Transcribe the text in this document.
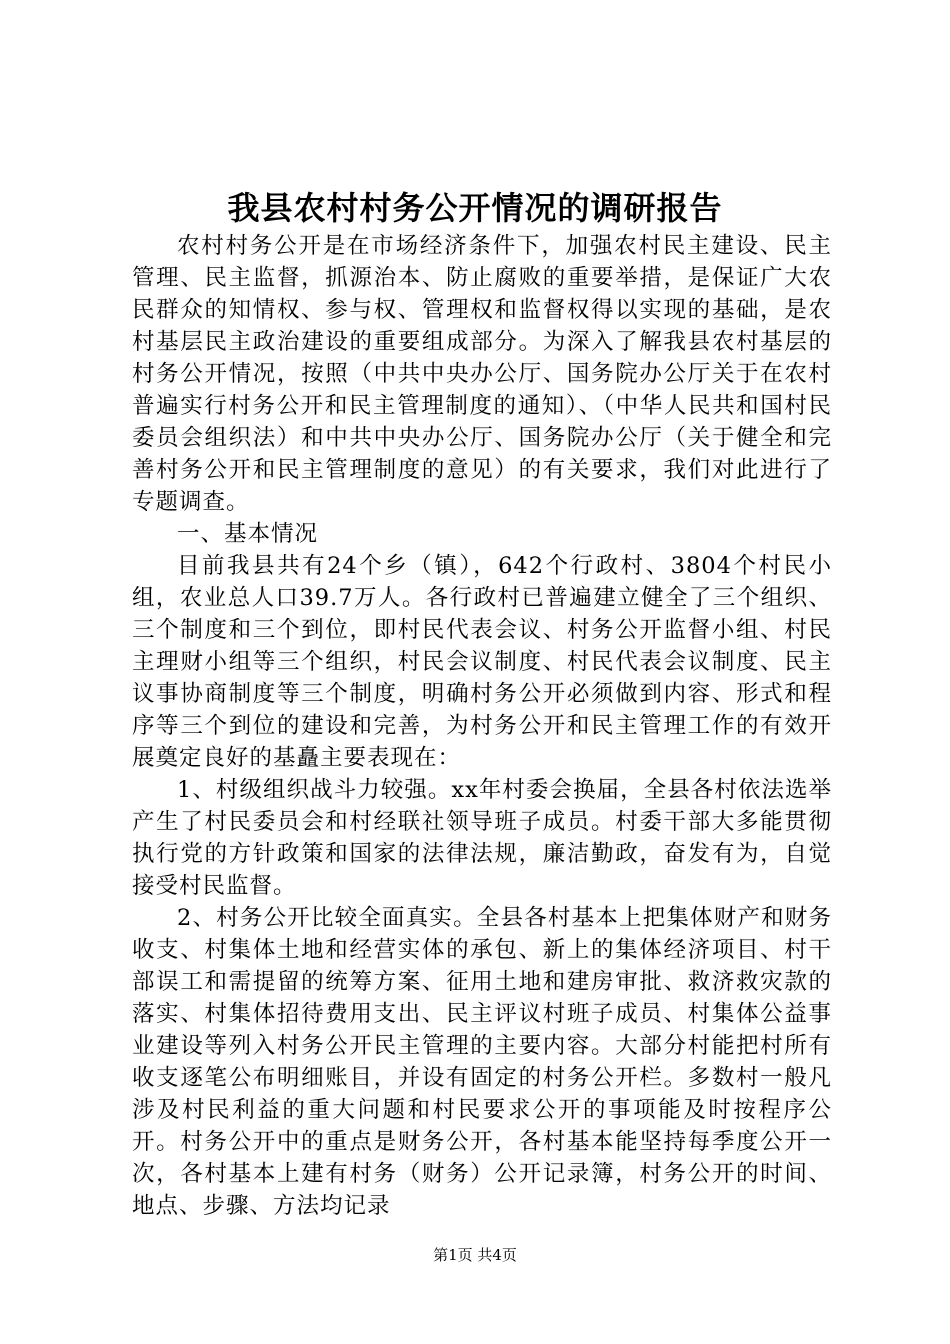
我县农村村务公开情况的调研报告

农村村务公开是在市场经济条件下，加强农村民主建设、民主管理、民主监督，抓源治本、防止腐败的重要举措，是保证广大农民群众的知情权、参与权、管理权和监督权得以实现的基础，是农村基层民主政治建设的重要组成部分。为深入了解我县农村基层的村务公开情况，按照（中共中央办公厅、国务院办公厅关于在农村普遍实行村务公开和民主管理制度的通知）、（中华人民共和国村民委员会组织法）和中共中央办公厅、国务院办公厅（关于健全和完善村务公开和民主管理制度的意见）的有关要求，我们对此进行了专题调查。

一、基本情况

目前我县共有24个乡（镇），642个行政村、3804个村民小组，农业总人口39.7万人。各行政村已普遍建立健全了三个组织、三个制度和三个到位，即村民代表会议、村务公开监督小组、村民主理财小组等三个组织，村民会议制度、村民代表会议制度、民主议事协商制度等三个制度，明确村务公开必须做到内容、形式和程序等三个到位的建设和完善，为村务公开和民主管理工作的有效开展奠定良好的基矗主要表现在：

1、村级组织战斗力较强。xx年村委会换届，全县各村依法选举产生了村民委员会和村经联社领导班子成员。村委干部大多能贯彻执行党的方针政策和国家的法律法规，廉洁勤政，奋发有为，自觉接受村民监督。

2、村务公开比较全面真实。全县各村基本上把集体财产和财务收支、村集体土地和经营实体的承包、新上的集体经济项目、村干部误工和需提留的统筹方案、征用土地和建房审批、救济救灾款的落实、村集体招待费用支出、民主评议村班子成员、村集体公益事业建设等列入村务公开民主管理的主要内容。大部分村能把村所有收支逐笔公布明细账目，并设有固定的村务公开栏。多数村一般凡涉及村民利益的重大问题和村民要求公开的事项能及时按程序公开。村务公开中的重点是财务公开，各村基本能坚持每季度公开一次，各村基本上建有村务（财务）公开记录簿，村务公开的时间、地点、步骤、方法均记录

第1页 共4页
